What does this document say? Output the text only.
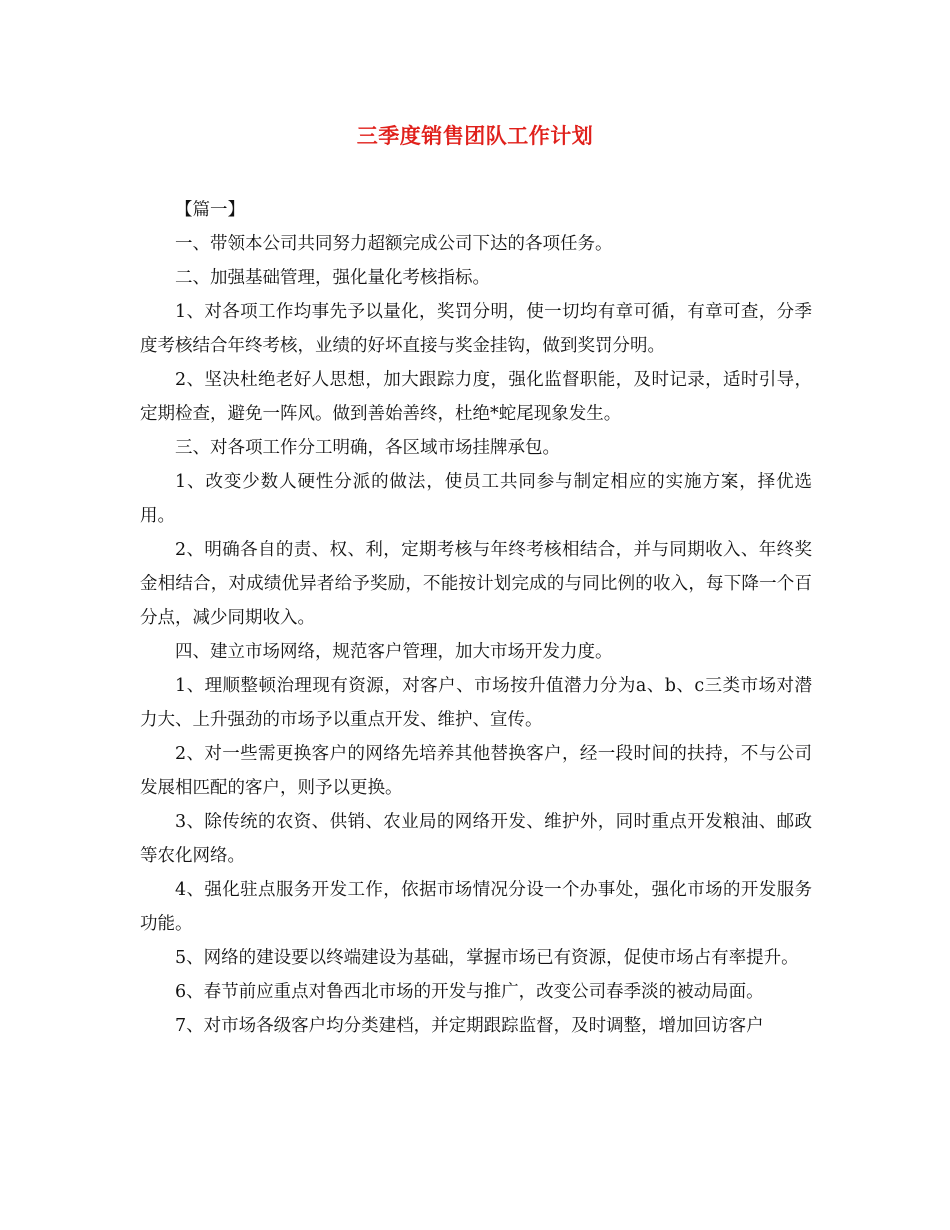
三季度销售团队工作计划

【篇一】

一、带领本公司共同努力超额完成公司下达的各项任务。

二、加强基础管理，强化量化考核指标。

1、对各项工作均事先予以量化，奖罚分明，使一切均有章可循，有章可查，分季度考核结合年终考核，业绩的好坏直接与奖金挂钩，做到奖罚分明。

2、坚决杜绝老好人思想，加大跟踪力度，强化监督职能，及时记录，适时引导，定期检查，避免一阵风。做到善始善终，杜绝*蛇尾现象发生。

三、对各项工作分工明确，各区域市场挂牌承包。

1、改变少数人硬性分派的做法，使员工共同参与制定相应的实施方案，择优选用。

2、明确各自的责、权、利，定期考核与年终考核相结合，并与同期收入、年终奖金相结合，对成绩优异者给予奖励，不能按计划完成的与同比例的收入，每下降一个百分点，减少同期收入。

四、建立市场网络，规范客户管理，加大市场开发力度。

1、理顺整顿治理现有资源，对客户、市场按升值潜力分为a、b、c三类市场对潜力大、上升强劲的市场予以重点开发、维护、宣传。

2、对一些需更换客户的网络先培养其他替换客户，经一段时间的扶持，不与公司发展相匹配的客户，则予以更换。

3、除传统的农资、供销、农业局的网络开发、维护外，同时重点开发粮油、邮政等农化网络。

4、强化驻点服务开发工作，依据市场情况分设一个办事处，强化市场的开发服务功能。

5、网络的建设要以终端建设为基础，掌握市场已有资源，促使市场占有率提升。

6、春节前应重点对鲁西北市场的开发与推广，改变公司春季淡的被动局面。

7、对市场各级客户均分类建档，并定期跟踪监督，及时调整，增加回访客户
